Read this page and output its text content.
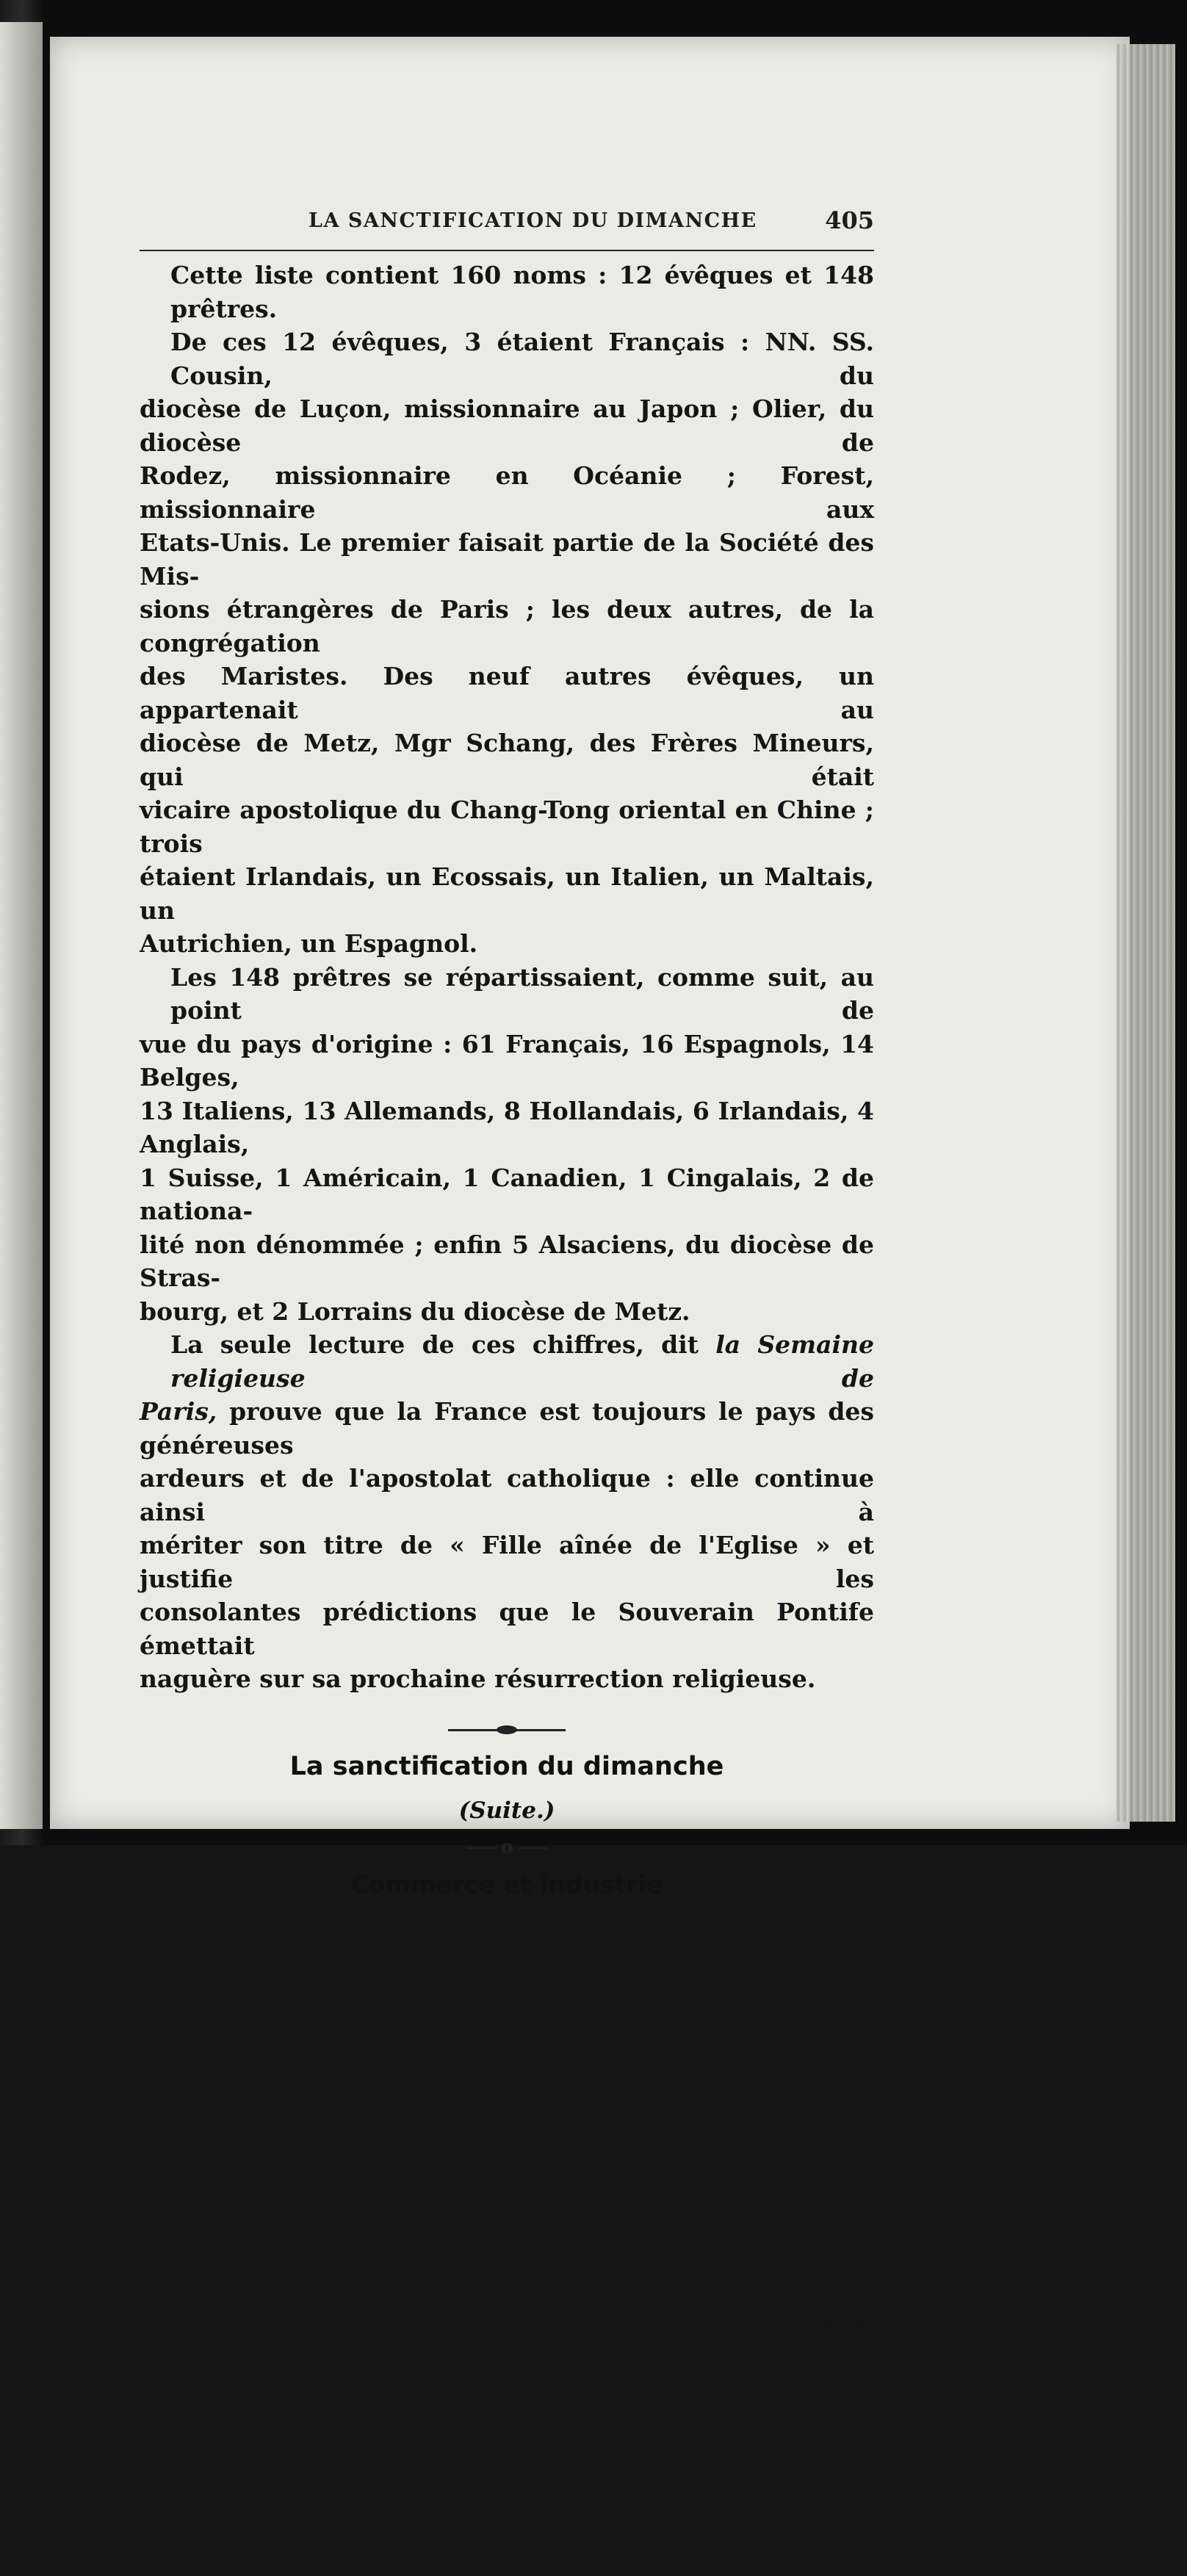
LA SANCTIFICATION DU DIMANCHE	405
Cette liste contient 160 noms : 12 évêques et 148 prêtres.
De ces 12 évêques, 3 étaient Français : NN. SS. Cousin, du
diocèse de Luçon, missionnaire au Japon ; Olier, du diocèse de
Rodez, missionnaire en Océanie ; Forest, missionnaire aux
Etats-Unis. Le premier faisait partie de la Société des Mis-
sions étrangères de Paris ; les deux autres, de la congrégation
des Maristes. Des neuf autres évêques, un appartenait au
diocèse de Metz, Mgr Schang, des Frères Mineurs, qui était
vicaire apostolique du Chang-Tong oriental en Chine ; trois
étaient Irlandais, un Ecossais, un Italien, un Maltais, un
Autrichien, un Espagnol.
Les 148 prêtres se répartissaient, comme suit, au point de
vue du pays d'origine : 61 Français, 16 Espagnols, 14 Belges,
13 Italiens, 13 Allemands, 8 Hollandais, 6 Irlandais, 4 Anglais,
1 Suisse, 1 Américain, 1 Canadien, 1 Cingalais, 2 de nationa-
lité non dénommée ; enfin 5 Alsaciens, du diocèse de Stras-
bourg, et 2 Lorrains du diocèse de Metz.
La seule lecture de ces chiffres, dit la Semaine religieuse de
Paris, prouve que la France est toujours le pays des généreuses
ardeurs et de l'apostolat catholique : elle continue ainsi à
mériter son titre de « Fille aînée de l'Eglise » et justifie les
consolantes prédictions que le Souverain Pontife émettait
naguère sur sa prochaine résurrection religieuse.
La sanctification du dimanche
(Suite.)
o
Commerce et industrie
... On met trop souvent en regard le précepte trouvé rigoureux
du repos du dimanche, et les intérêts du commerce et de l'in-
dustrie. Vains prétextes qui s'évanouissent devant l'expé-
rience. On ne saurait citer ni un peuple, ni un groupe d'hom-
mes, ni une entreprise commerciale ou industrielle, qui ait
vraiment souffert d'une interruption de travail commandée par
la nature non moins que par la religion ! Dans la guerre, si la
victoire appartient au peuple qui peut mettre sur pied les
soldats les plus endurants et les mieux armés, ainsi en est-il
sur le champ de la concurrence industrielle. La victoire restera
